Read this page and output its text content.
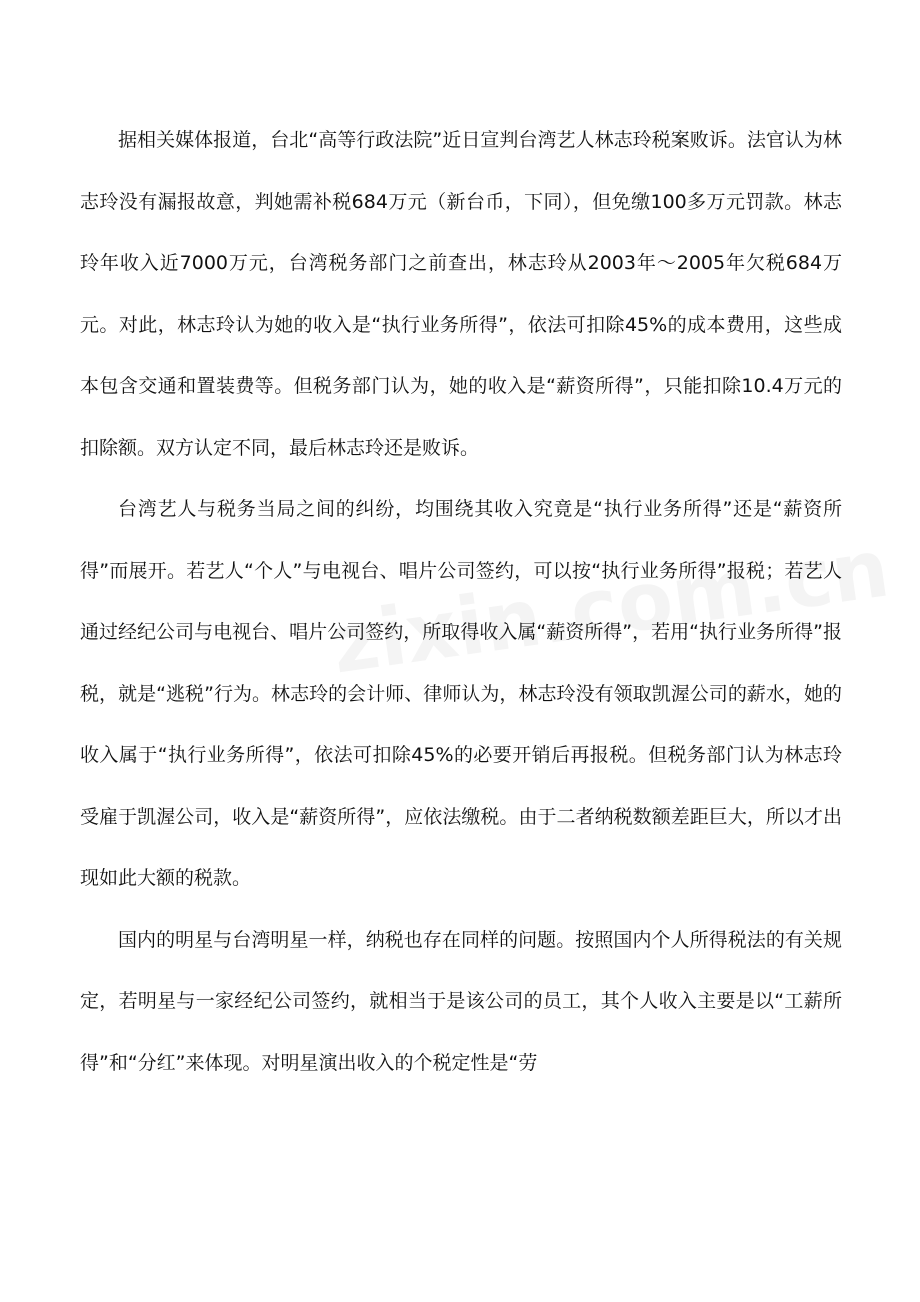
据相关媒体报道，台北“高等行政法院”近日宣判台湾艺人林志玲税案败诉。法官认为林志玲没有漏报故意，判她需补税684万元（新台币，下同），但免缴100多万元罚款。林志玲年收入近7000万元，台湾税务部门之前查出，林志玲从2003年～2005年欠税684万元。对此，林志玲认为她的收入是“执行业务所得”，依法可扣除45%的成本费用，这些成本包含交通和置装费等。但税务部门认为，她的收入是“薪资所得”，只能扣除10.4万元的扣除额。双方认定不同，最后林志玲还是败诉。

台湾艺人与税务当局之间的纠纷，均围绕其收入究竟是“执行业务所得”还是“薪资所得”而展开。若艺人“个人”与电视台、唱片公司签约，可以按“执行业务所得”报税；若艺人通过经纪公司与电视台、唱片公司签约，所取得收入属“薪资所得”，若用“执行业务所得”报税，就是“逃税”行为。林志玲的会计师、律师认为，林志玲没有领取凯渥公司的薪水，她的收入属于“执行业务所得”，依法可扣除45%的必要开销后再报税。但税务部门认为林志玲受雇于凯渥公司，收入是“薪资所得”，应依法缴税。由于二者纳税数额差距巨大，所以才出现如此大额的税款。

国内的明星与台湾明星一样，纳税也存在同样的问题。按照国内个人所得税法的有关规定，若明星与一家经纪公司签约，就相当于是该公司的员工，其个人收入主要是以“工薪所得”和“分红”来体现。对明星演出收入的个税定性是“劳
